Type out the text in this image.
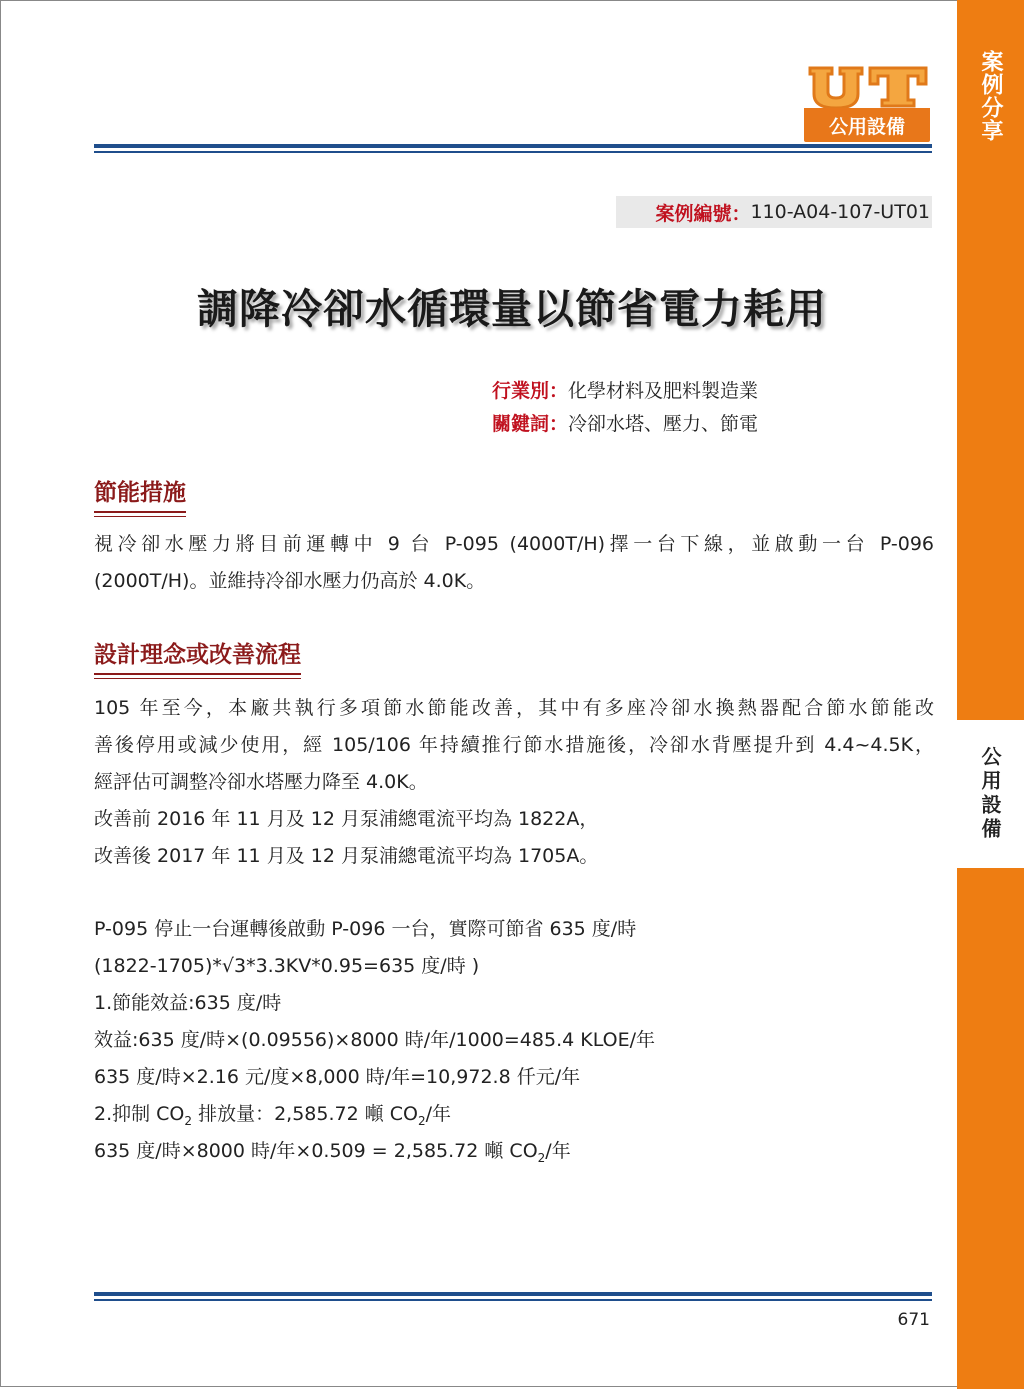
案例分享
公用設備
公用設備
案例編號： 110-A04-107-UT01
調降冷卻水循環量以節省電力耗用
行業別：化學材料及肥料製造業
關鍵詞：冷卻水塔、壓力、節電
節能措施
視冷卻水壓力將目前運轉中 9 台 P-095 (4000T/H)擇一台下線，並啟動一台 P-096
(2000T/H)。並維持冷卻水壓力仍高於 4.0K。
設計理念或改善流程
105 年至今，本廠共執行多項節水節能改善，其中有多座冷卻水換熱器配合節水節能改
善後停用或減少使用，經 105/106 年持續推行節水措施後，冷卻水背壓提升到 4.4~4.5K，
經評估可調整冷卻水塔壓力降至 4.0K。
改善前 2016 年 11 月及 12 月泵浦總電流平均為 1822A，
改善後 2017 年 11 月及 12 月泵浦總電流平均為 1705A。
P-095 停止一台運轉後啟動 P-096 一台，實際可節省 635 度/時
(1822-1705)*√3*3.3KV*0.95=635 度/時 )
1.節能效益:635 度/時
效益:635 度/時×(0.09556)×8000 時/年/1000=485.4 KLOE/年
635 度/時×2.16 元/度×8,000 時/年=10,972.8 仟元/年
2.抑制 $CO_2$ 排放量：2,585.72 噸 $CO_2/$年
635 度/時×8000 時/年×0.509 = 2,585.72 噸 $CO_2/$年
671
